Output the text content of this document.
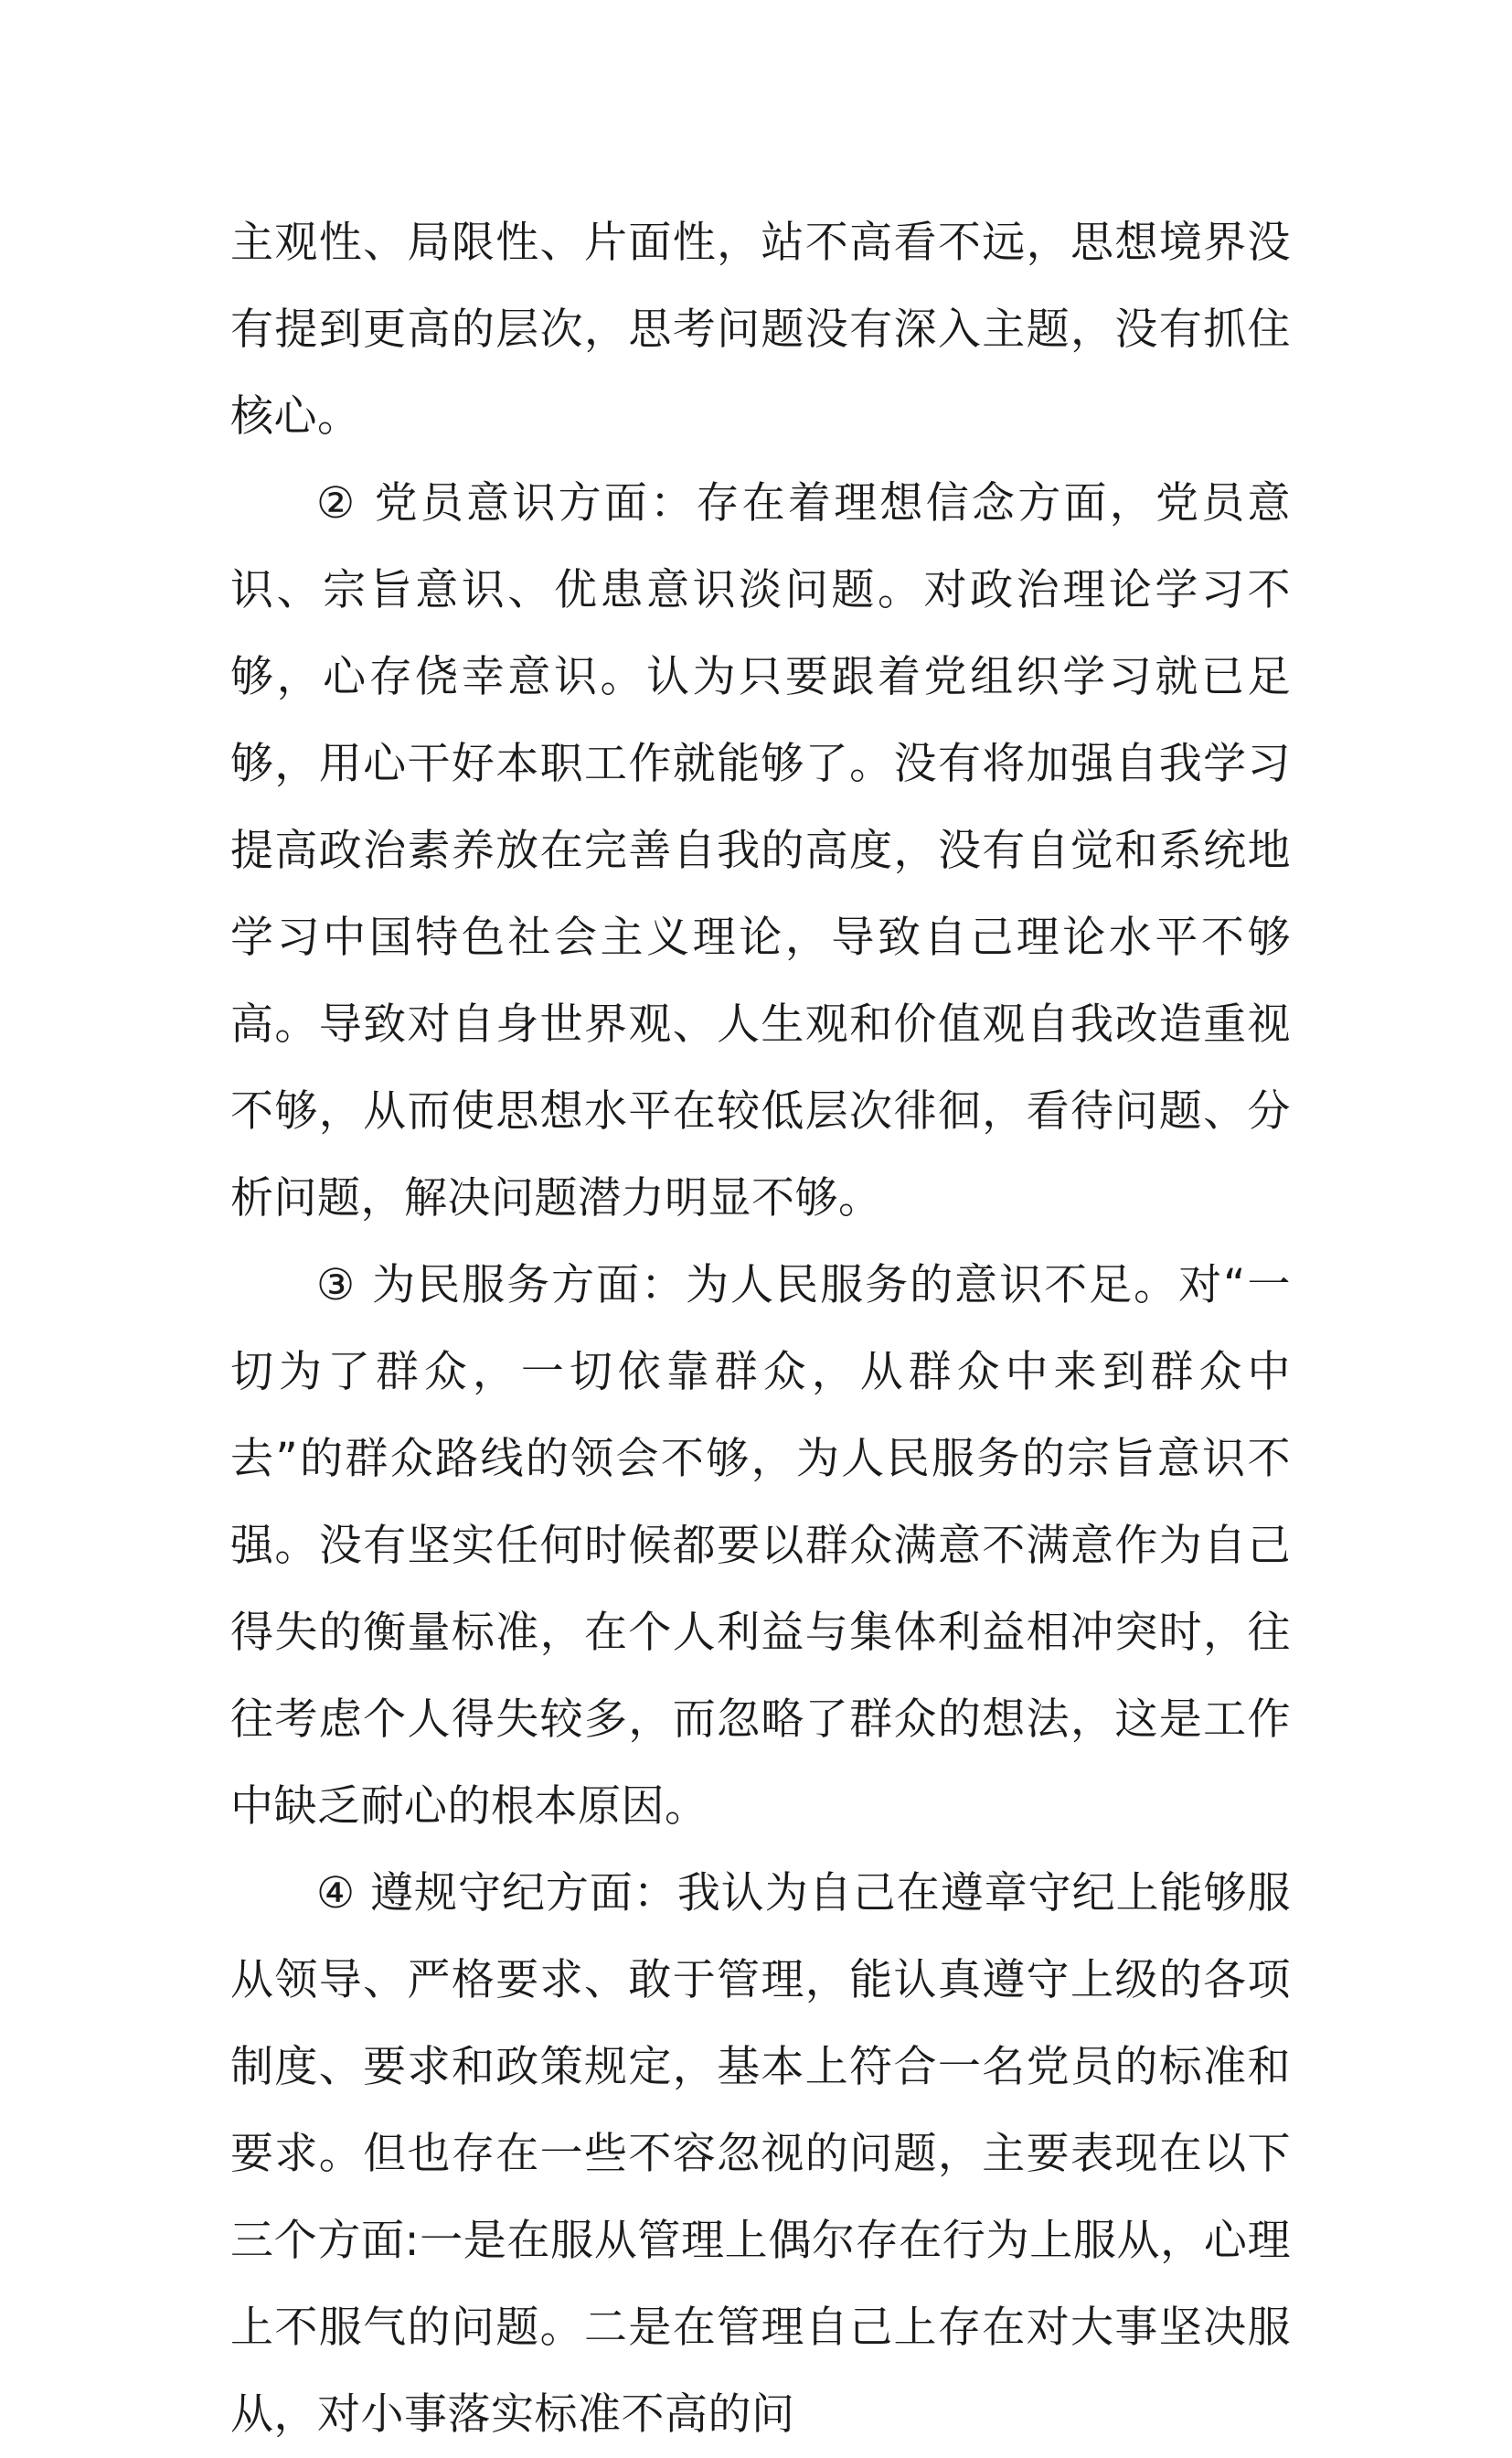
主观性、局限性、片面性，站不高看不远，思想境界没有提到更高的层次，思考问题没有深入主题，没有抓住核心。

② 党员意识方面：存在着理想信念方面，党员意识、宗旨意识、优患意识淡问题。对政治理论学习不够，心存侥幸意识。认为只要跟着党组织学习就已足够，用心干好本职工作就能够了。没有将加强自我学习提高政治素养放在完善自我的高度，没有自觉和系统地学习中国特色社会主义理论，导致自己理论水平不够高。导致对自身世界观、人生观和价值观自我改造重视不够，从而使思想水平在较低层次徘徊，看待问题、分析问题，解决问题潜力明显不够。

③ 为民服务方面：为人民服务的意识不足。对“一切为了群众，一切依靠群众，从群众中来到群众中去”的群众路线的领会不够，为人民服务的宗旨意识不强。没有坚实任何时候都要以群众满意不满意作为自己得失的衡量标准，在个人利益与集体利益相冲突时，往往考虑个人得失较多，而忽略了群众的想法，这是工作中缺乏耐心的根本原因。

④ 遵规守纪方面：我认为自己在遵章守纪上能够服从领导、严格要求、敢于管理，能认真遵守上级的各项制度、要求和政策规定，基本上符合一名党员的标准和要求。但也存在一些不容忽视的问题，主要表现在以下三个方面:一是在服从管理上偶尔存在行为上服从，心理上不服气的问题。二是在管理自己上存在对大事坚决服从，对小事落实标准不高的问
